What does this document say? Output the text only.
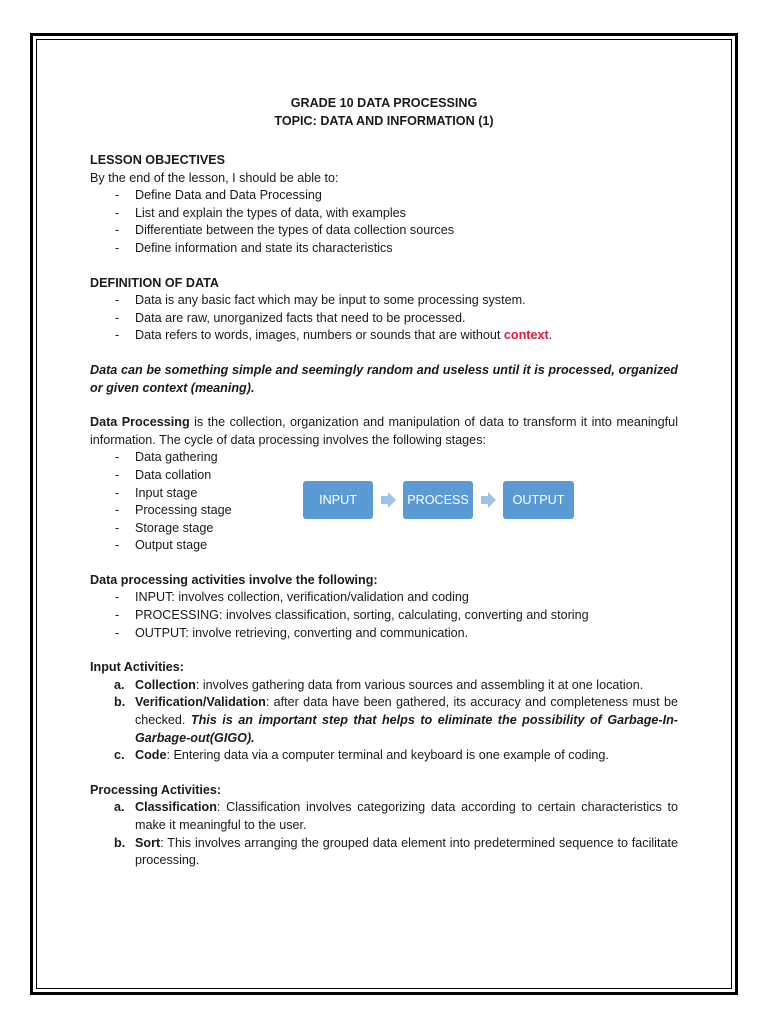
GRADE 10 DATA PROCESSING
TOPIC: DATA AND INFORMATION (1)
LESSON OBJECTIVES
By the end of the lesson, I should be able to:
- Define Data and Data Processing
- List and explain the types of data, with examples
- Differentiate between the types of data collection sources
- Define information and state its characteristics
DEFINITION OF DATA
- Data is any basic fact which may be input to some processing system.
- Data are raw, unorganized facts that need to be processed.
- Data refers to words, images, numbers or sounds that are without context.
Data can be something simple and seemingly random and useless until it is processed, organized or given context (meaning).
Data Processing is the collection, organization and manipulation of data to transform it into meaningful information. The cycle of data processing involves the following stages:
- Data gathering
- Data collation
- Input stage
- Processing stage
- Storage stage
- Output stage
INPUT	PROCESS	OUTPUT
Data processing activities involve the following:
- INPUT: involves collection, verification/validation and coding
- PROCESSING: involves classification, sorting, calculating, converting and storing
- OUTPUT: involve retrieving, converting and communication.
Input Activities:
a. Collection: involves gathering data from various sources and assembling it at one location.
b. Verification/Validation: after data have been gathered, its accuracy and completeness must be checked. This is an important step that helps to eliminate the possibility of Garbage-In-Garbage-out(GIGO).
c. Code: Entering data via a computer terminal and keyboard is one example of coding.
Processing Activities:
a. Classification: Classification involves categorizing data according to certain characteristics to make it meaningful to the user.
b. Sort: This involves arranging the grouped data element into predetermined sequence to facilitate processing.
